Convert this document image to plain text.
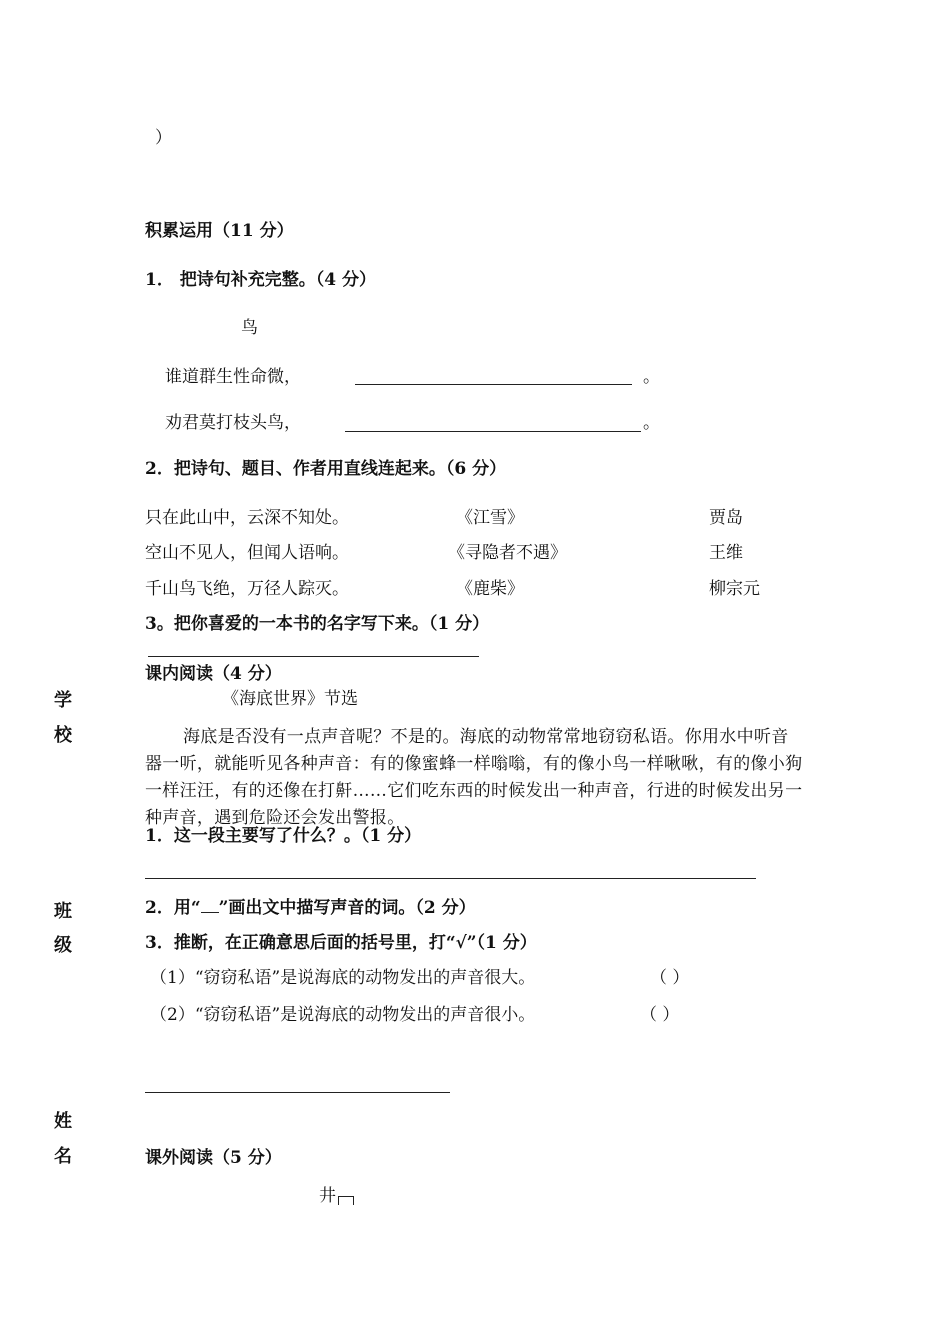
）
积累运用（11 分）
1． 把诗句补充完整。（4 分）
鸟
谁道群生性命微，	。
劝君莫打枝头鸟，	。
2．把诗句、题目、作者用直线连起来。（6 分）
只在此山中，云深不知处。	《江雪》	贾岛
空山不见人，但闻人语响。	《寻隐者不遇》	王维
千山鸟飞绝，万径人踪灭。	《鹿柴》	柳宗元
3。把你喜爱的一本书的名字写下来。（1 分）
课内阅读（4 分）
《海底世界》节选
海底是否没有一点声音呢？不是的。海底的动物常常地窃窃私语。你用水中听音器一听，就能听见各种声音：有的像蜜蜂一样嗡嗡，有的像小鸟一样啾啾，有的像小狗一样汪汪，有的还像在打鼾……它们吃东西的时候发出一种声音，行进的时候发出另一种声音，遇到危险还会发出警报。
1．这一段主要写了什么？。（1 分）
2．用“ ”画出文中描写声音的词。（2 分）
3．推断，在正确意思后面的括号里，打“√”（1 分）
（1）“窃窃私语”是说海底的动物发出的声音很大。	（ ）
（2）“窃窃私语”是说海底的动物发出的声音很小。	（ ）
课外阅读（5 分）
井
学
校
班
级
姓
名
